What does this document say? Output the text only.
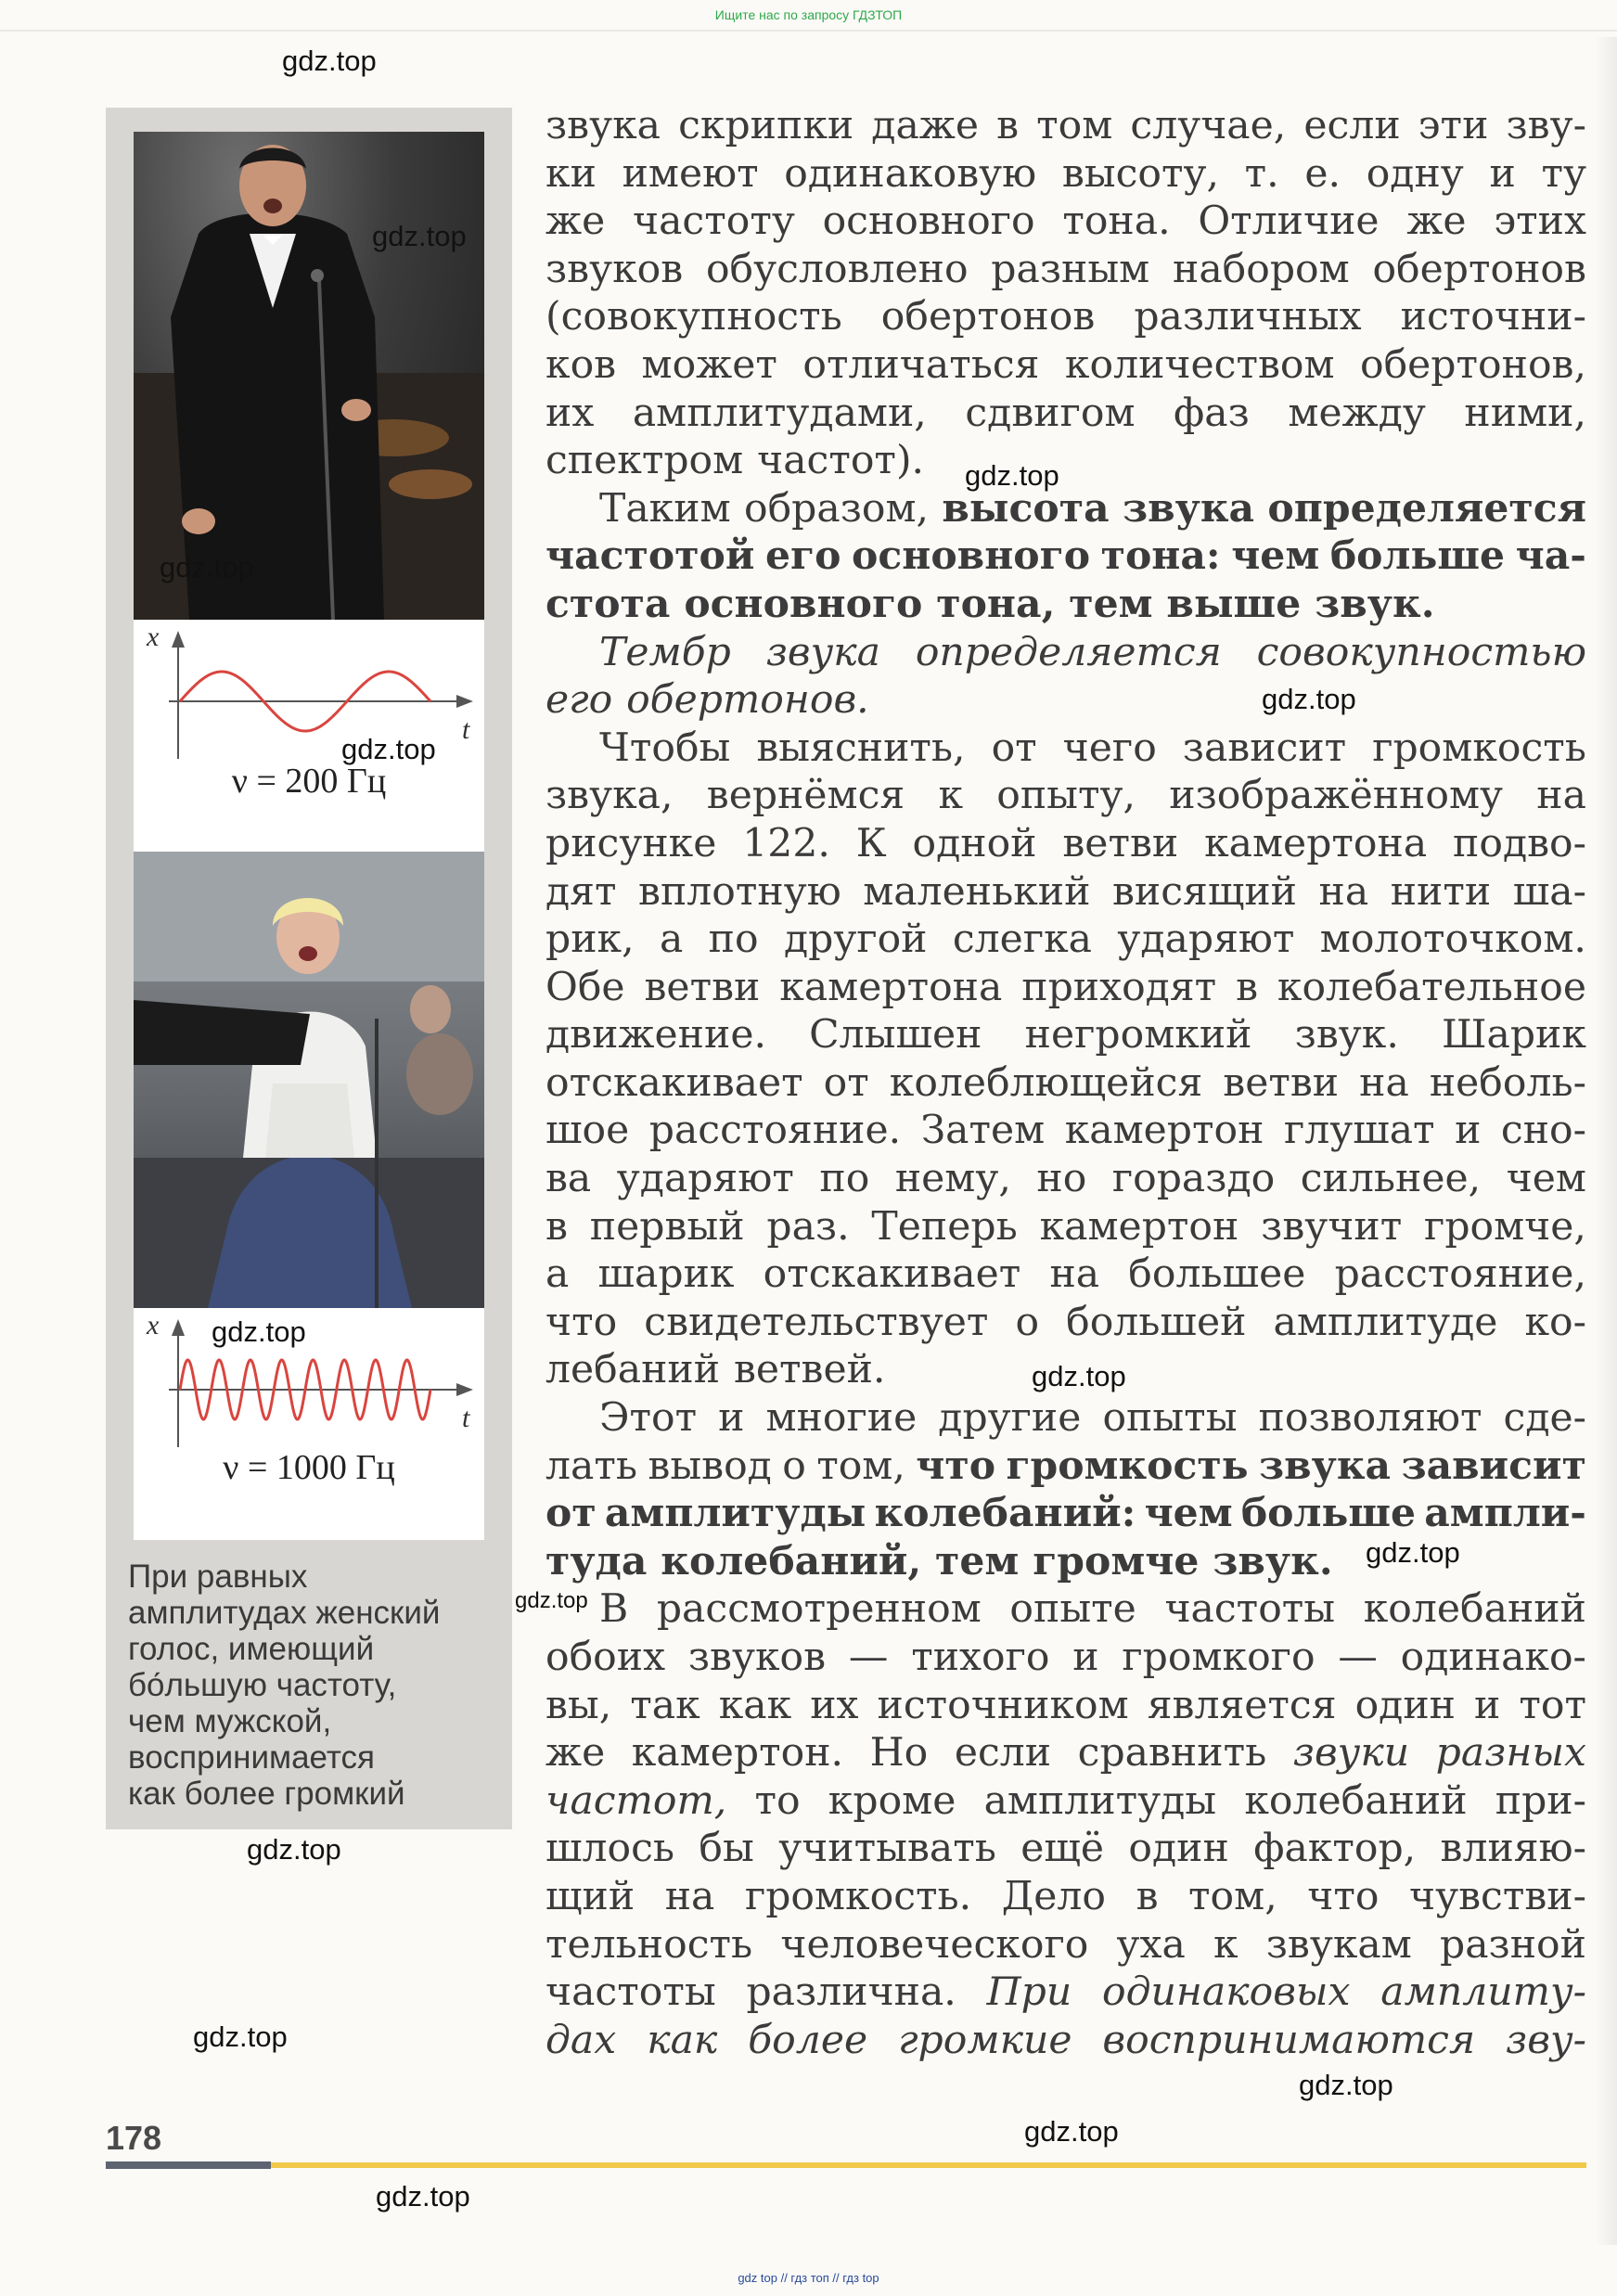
Ищите нас по запросу ГДЗТОП
x
t
ν = 200 Гц
x
t
ν = 1000 Гц
При равных
амплитудах женский
голос, имеющий
бо́льшую частоту,
чем мужской,
воспринимается
как более громкий
звука скрипки даже в том случае, если эти зву-
ки имеют одинаковую высоту, т. е. одну и ту
же частоту основного тона. Отличие же этих
звуков обусловлено разным набором обертонов
(совокупность обертонов различных источни-
ков может отличаться количеством обертонов,
их амплитудами, сдвигом фаз между ними,
спектром частот).
Таким образом, высота звука определяется
частотой его основного тона: чем больше ча-
стота основного тона, тем выше звук.
Тембр звука определяется совокупностью
его обертонов.
Чтобы выяснить, от чего зависит громкость
звука, вернёмся к опыту, изображённому на
рисунке 122. К одной ветви камертона подво-
дят вплотную маленький висящий на нити ша-
рик, а по другой слегка ударяют молоточком.
Обе ветви камертона приходят в колебательное
движение. Слышен негромкий звук. Шарик
отскакивает от колеблющейся ветви на неболь-
шое расстояние. Затем камертон глушат и сно-
ва ударяют по нему, но гораздо сильнее, чем
в первый раз. Теперь камертон звучит громче,
а шарик отскакивает на большее расстояние,
что свидетельствует о большей амплитуде ко-
лебаний ветвей.
Этот и многие другие опыты позволяют сде-
лать вывод о том, что громкость звука зависит
от амплитуды колебаний: чем больше ампли-
туда колебаний, тем громче звук.
В рассмотренном опыте частоты колебаний
обоих звуков — тихого и громкого — одинако-
вы, так как их источником является один и тот
же камертон. Но если сравнить звуки разных
частот, то кроме амплитуды колебаний при-
шлось бы учитывать ещё один фактор, влияю-
щий на громкость. Дело в том, что чувстви-
тельность человеческого уха к звукам разной
частоты различна. При одинаковых амплиту-
дах как более громкие воспринимаются зву-
178
gdz top // гдз топ // гдз top
gdz.top
gdz.top
gdz.top
gdz.top
gdz.top
gdz.top
gdz.top
gdz.top
gdz.top
gdz.top
gdz.top
gdz.top
gdz.top
gdz.top
gdz.top
